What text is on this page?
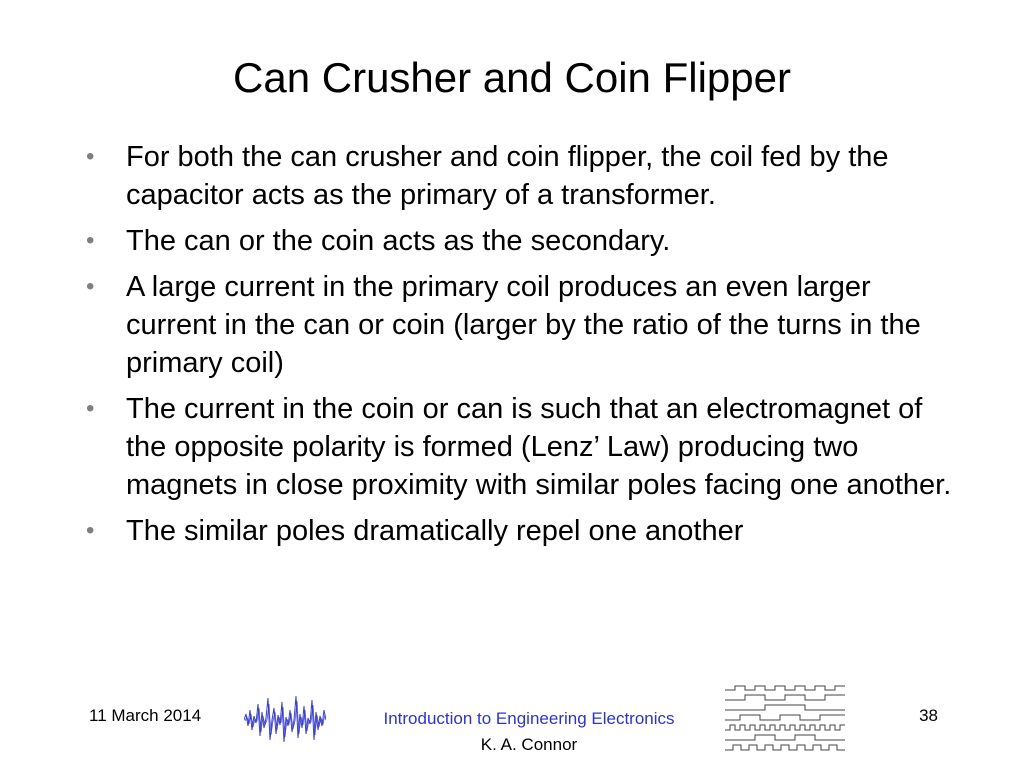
Can Crusher and Coin Flipper
• For both the can crusher and coin flipper, the coil fed by the capacitor acts as the primary of a transformer.
• The can or the coin acts as the secondary.
• A large current in the primary coil produces an even larger current in the can or coin (larger by the ratio of the turns in the primary coil)
• The current in the coin or can is such that an electromagnet of the opposite polarity is formed (Lenz’ Law) producing two magnets in close proximity with similar poles facing one another.
• The similar poles dramatically repel one another
11 March 2014	Introduction to Engineering Electronics
K. A. Connor
38
